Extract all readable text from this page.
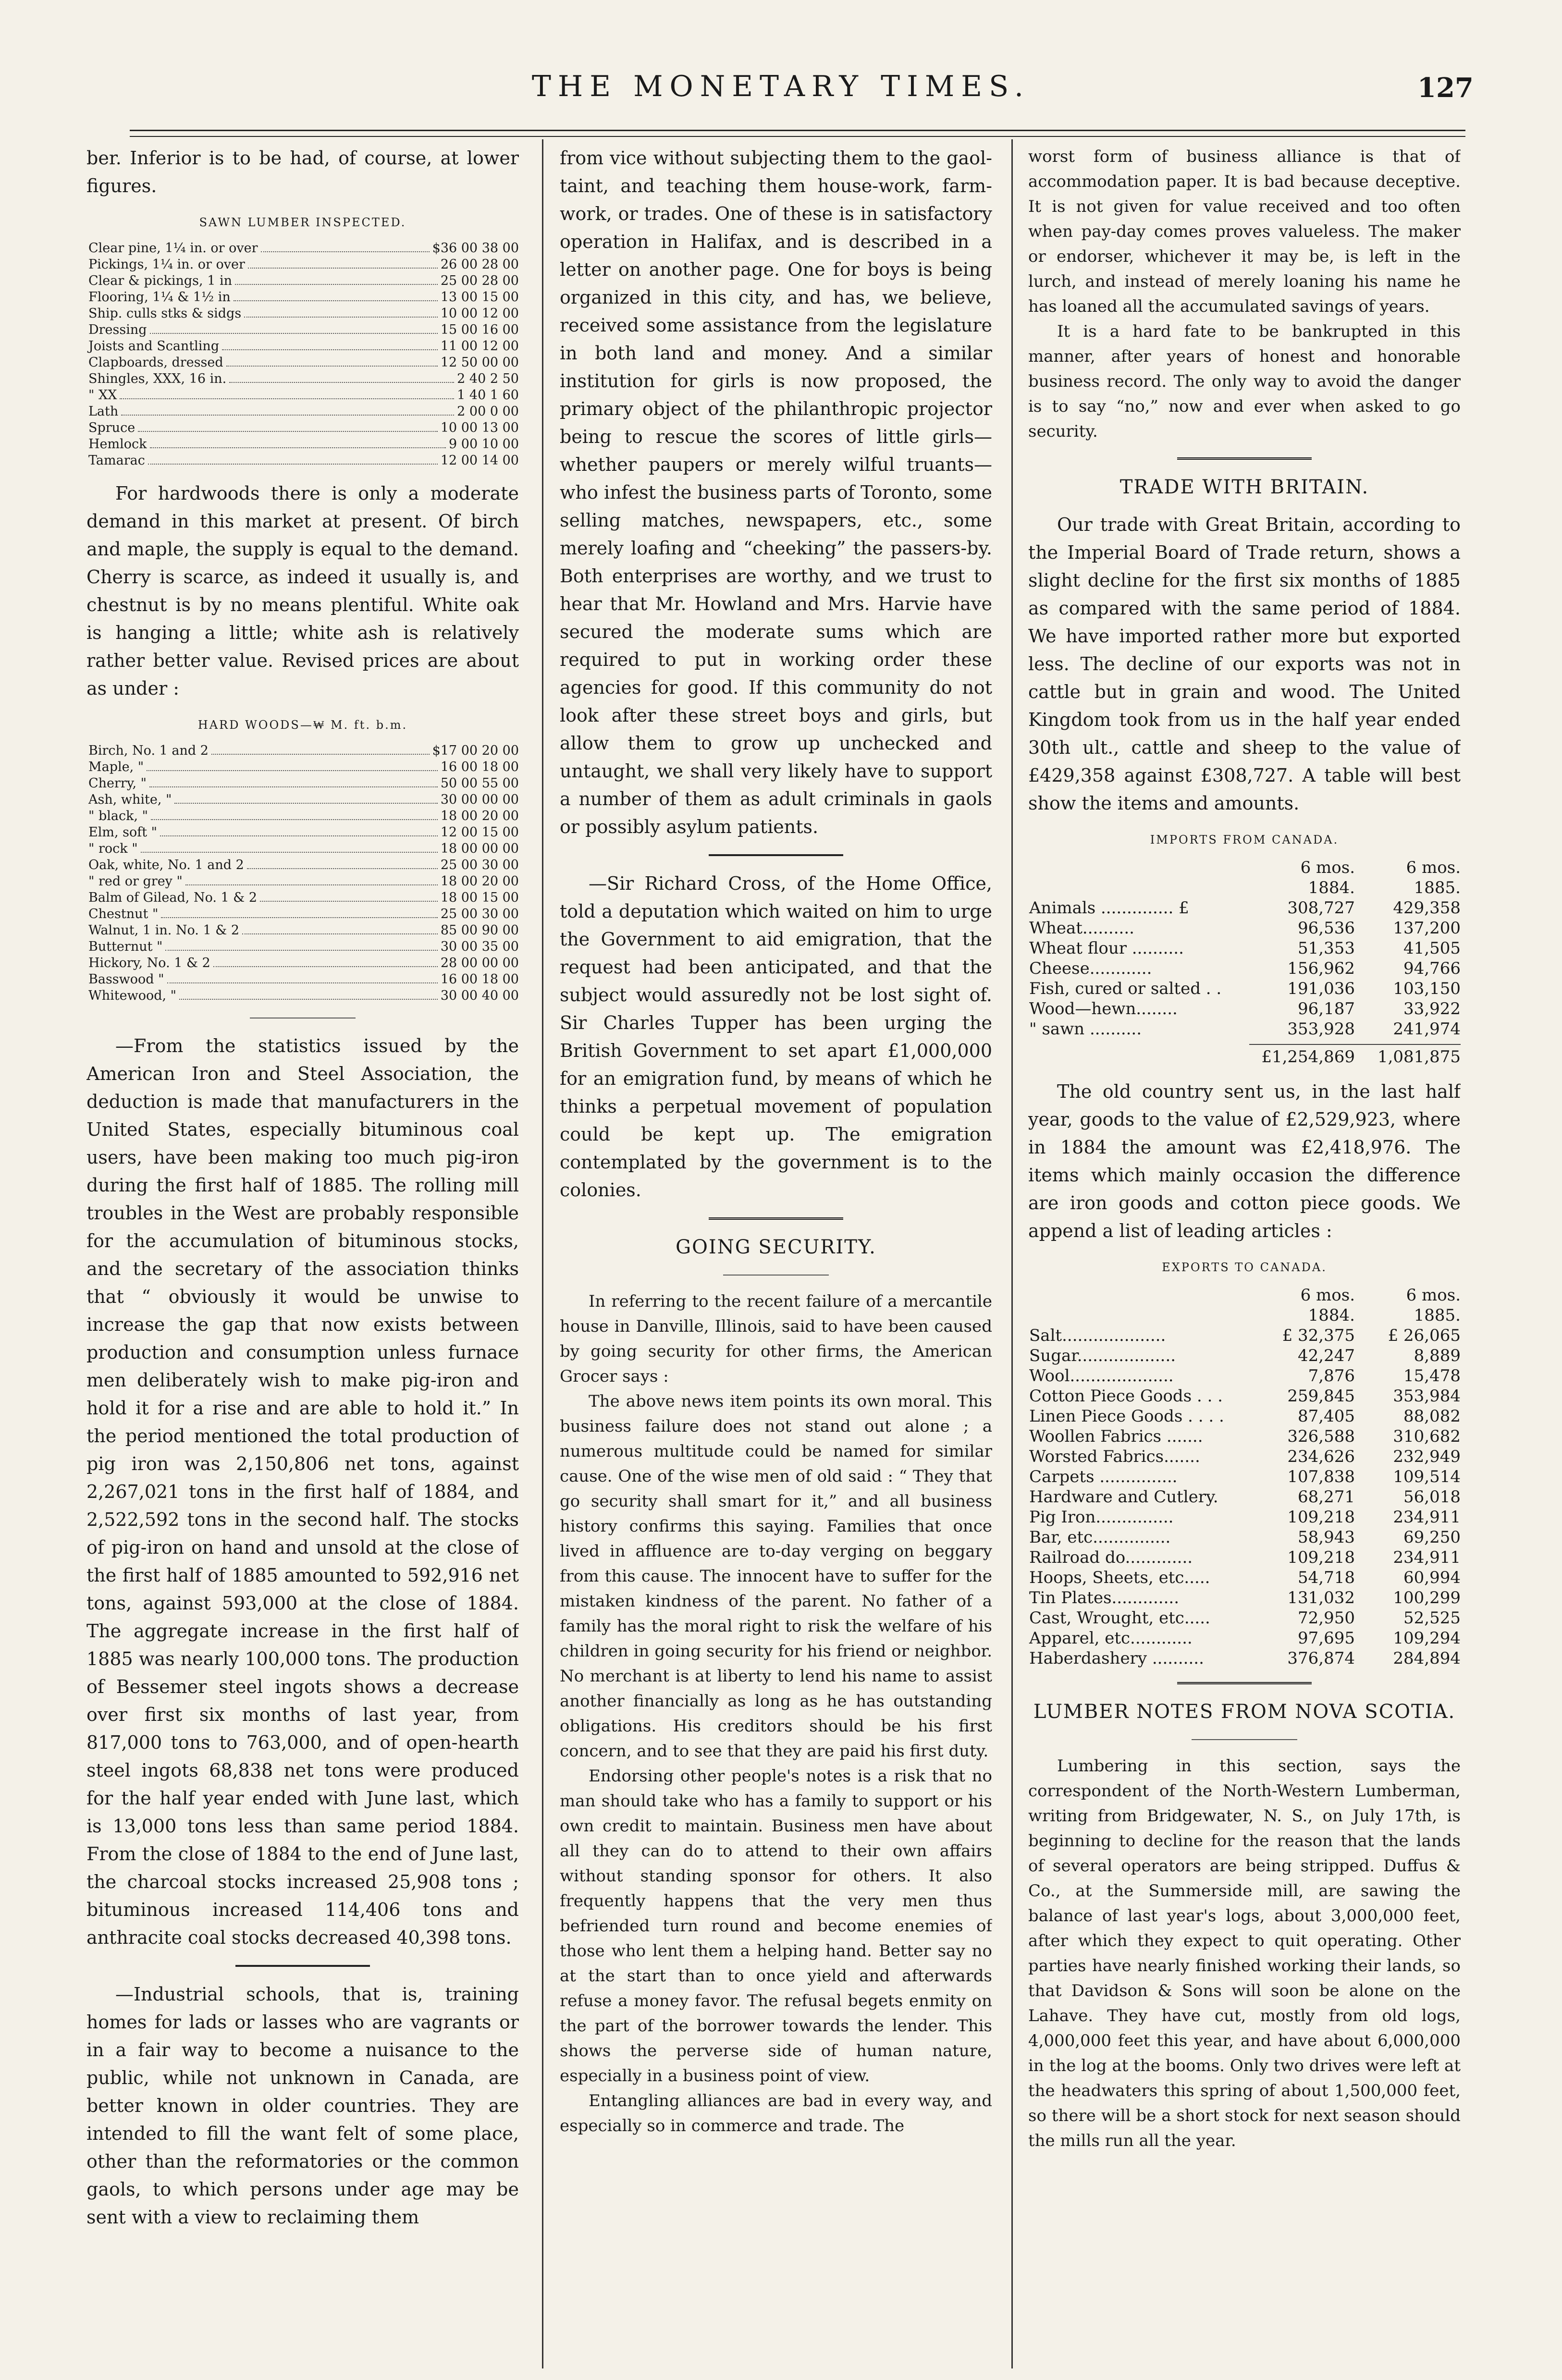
THE MONETARY TIMES.	127

ber. Inferior is to be had, of course, at lower figures.

SAWN LUMBER INSPECTED.
Clear pine, 1¼ in. or over	$36 00 38 00
Pickings, 1¼ in. or over	26 00 28 00
Clear & pickings, 1 in	25 00 28 00
Flooring, 1¼ & 1½ in	13 00 15 00
Ship. culls stks & sidgs	10 00 12 00
Dressing	15 00 16 00
Joists and Scantling	11 00 12 00
Clapboards, dressed	12 50 00 00
Shingles, XXX, 16 in.	2 40 2 50
" XX	1 40 1 60
Lath	2 00 0 00
Spruce	10 00 13 00
Hemlock	9 00 10 00
Tamarac	12 00 14 00

For hardwoods there is only a moderate demand in this market at present. Of birch and maple, the supply is equal to the demand. Cherry is scarce, as indeed it usually is, and chestnut is by no means plentiful. White oak is hanging a little; white ash is relatively rather better value. Revised prices are about as under :

HARD WOODS—₩ M. ft. b.m.
Birch, No. 1 and 2	$17 00 20 00
Maple, "	16 00 18 00
Cherry, "	50 00 55 00
Ash, white, "	30 00 00 00
" black, "	18 00 20 00
Elm, soft "	12 00 15 00
" rock "	18 00 00 00
Oak, white, No. 1 and 2	25 00 30 00
" red or grey "	18 00 20 00
Balm of Gilead, No. 1 & 2	18 00 15 00
Chestnut "	25 00 30 00
Walnut, 1 in. No. 1 & 2	85 00 90 00
Butternut "	30 00 35 00
Hickory, No. 1 & 2	28 00 00 00
Basswood "	16 00 18 00
Whitewood, "	30 00 40 00

—From the statistics issued by the American Iron and Steel Association, the deduction is made that manufacturers in the United States, especially bituminous coal users, have been making too much pig-iron during the first half of 1885. The rolling mill troubles in the West are probably responsible for the accumulation of bituminous stocks, and the secretary of the association thinks that “ obviously it would be unwise to increase the gap that now exists between production and consumption unless furnace men deliberately wish to make pig-iron and hold it for a rise and are able to hold it.” In the period mentioned the total production of pig iron was 2,150,806 net tons, against 2,267,021 tons in the first half of 1884, and 2,522,592 tons in the second half. The stocks of pig-iron on hand and unsold at the close of the first half of 1885 amounted to 592,916 net tons, against 593,000 at the close of 1884. The aggregate increase in the first half of 1885 was nearly 100,000 tons. The production of Bessemer steel ingots shows a decrease over first six months of last year, from 817,000 tons to 763,000, and of open-hearth steel ingots 68,838 net tons were produced for the half year ended with June last, which is 13,000 tons less than same period 1884. From the close of 1884 to the end of June last, the charcoal stocks increased 25,908 tons ; bituminous increased 114,406 tons and anthracite coal stocks decreased 40,398 tons.

—Industrial schools, that is, training homes for lads or lasses who are vagrants or in a fair way to become a nuisance to the public, while not unknown in Canada, are better known in older countries. They are intended to fill the want felt of some place, other than the reformatories or the common gaols, to which persons under age may be sent with a view to reclaiming them

from vice without subjecting them to the gaol-taint, and teaching them house-work, farm-work, or trades. One of these is in satisfactory operation in Halifax, and is described in a letter on another page. One for boys is being organized in this city, and has, we believe, received some assistance from the legislature in both land and money. And a similar institution for girls is now proposed, the primary object of the philanthropic projector being to rescue the scores of little girls—whether paupers or merely wilful truants—who infest the business parts of Toronto, some selling matches, newspapers, etc., some merely loafing and “cheeking” the passers-by. Both enterprises are worthy, and we trust to hear that Mr. Howland and Mrs. Harvie have secured the moderate sums which are required to put in working order these agencies for good. If this community do not look after these street boys and girls, but allow them to grow up unchecked and untaught, we shall very likely have to support a number of them as adult criminals in gaols or possibly asylum patients.

—Sir Richard Cross, of the Home Office, told a deputation which waited on him to urge the Government to aid emigration, that the request had been anticipated, and that the subject would assuredly not be lost sight of. Sir Charles Tupper has been urging the British Government to set apart £1,000,000 for an emigration fund, by means of which he thinks a perpetual movement of population could be kept up. The emigration contemplated by the government is to the colonies.

GOING SECURITY.

In referring to the recent failure of a mercantile house in Danville, Illinois, said to have been caused by going security for other firms, the American Grocer says :

The above news item points its own moral. This business failure does not stand out alone ; a numerous multitude could be named for similar cause. One of the wise men of old said : “ They that go security shall smart for it,” and all business history confirms this saying. Families that once lived in affluence are to-day verging on beggary from this cause. The innocent have to suffer for the mistaken kindness of the parent. No father of a family has the moral right to risk the welfare of his children in going security for his friend or neighbor. No merchant is at liberty to lend his name to assist another financially as long as he has outstanding obligations. His creditors should be his first concern, and to see that they are paid his first duty.

Endorsing other people's notes is a risk that no man should take who has a family to support or his own credit to maintain. Business men have about all they can do to attend to their own affairs without standing sponsor for others. It also frequently happens that the very men thus befriended turn round and become enemies of those who lent them a helping hand. Better say no at the start than to once yield and afterwards refuse a money favor. The refusal begets enmity on the part of the borrower towards the lender. This shows the perverse side of human nature, especially in a business point of view.

Entangling alliances are bad in every way, and especially so in commerce and trade. The

worst form of business alliance is that of accommodation paper. It is bad because deceptive. It is not given for value received and too often when pay-day comes proves valueless. The maker or endorser, whichever it may be, is left in the lurch, and instead of merely loaning his name he has loaned all the accumulated savings of years.

It is a hard fate to be bankrupted in this manner, after years of honest and honorable business record. The only way to avoid the danger is to say “no,” now and ever when asked to go security.

TRADE WITH BRITAIN.

Our trade with Great Britain, according to the Imperial Board of Trade return, shows a slight decline for the first six months of 1885 as compared with the same period of 1884. We have imported rather more but exported less. The decline of our exports was not in cattle but in grain and wood. The United Kingdom took from us in the half year ended 30th ult., cattle and sheep to the value of £429,358 against £308,727. A table will best show the items and amounts.

IMPORTS FROM CANADA.
6 mos.	6 mos.
1884.	1885.
Animals .............. £	308,727	429,358
Wheat..........	96,536	137,200
Wheat flour ..........	51,353	41,505
Cheese............	156,962	94,766
Fish, cured or salted . .	191,036	103,150
Wood—hewn........	96,187	33,922
" sawn ..........	353,928	241,974
£1,254,869	1,081,875

The old country sent us, in the last half year, goods to the value of £2,529,923, where in 1884 the amount was £2,418,976. The items which mainly occasion the difference are iron goods and cotton piece goods. We append a list of leading articles :

EXPORTS TO CANADA.
6 mos.	6 mos.
1884.	1885.
Salt....................	£ 32,375	£ 26,065
Sugar...................	42,247	8,889
Wool....................	7,876	15,478
Cotton Piece Goods . . .	259,845	353,984
Linen Piece Goods . . . .	87,405	88,082
Woollen Fabrics .......	326,588	310,682
Worsted Fabrics.......	234,626	232,949
Carpets ...............	107,838	109,514
Hardware and Cutlery.	68,271	56,018
Pig Iron...............	109,218	234,911
Bar, etc...............	58,943	69,250
Railroad do.............	109,218	234,911
Hoops, Sheets, etc.....	54,718	60,994
Tin Plates.............	131,032	100,299
Cast, Wrought, etc.....	72,950	52,525
Apparel, etc............	97,695	109,294
Haberdashery ..........	376,874	284,894
LUMBER NOTES FROM NOVA SCOTIA.

Lumbering in this section, says the correspondent of the North-Western Lumberman, writing from Bridgewater, N. S., on July 17th, is beginning to decline for the reason that the lands of several operators are being stripped. Duffus & Co., at the Summerside mill, are sawing the balance of last year's logs, about 3,000,000 feet, after which they expect to quit operating. Other parties have nearly finished working their lands, so that Davidson & Sons will soon be alone on the Lahave. They have cut, mostly from old logs, 4,000,000 feet this year, and have about 6,000,000 in the log at the booms. Only two drives were left at the headwaters this spring of about 1,500,000 feet, so there will be a short stock for next season should the mills run all the year.
